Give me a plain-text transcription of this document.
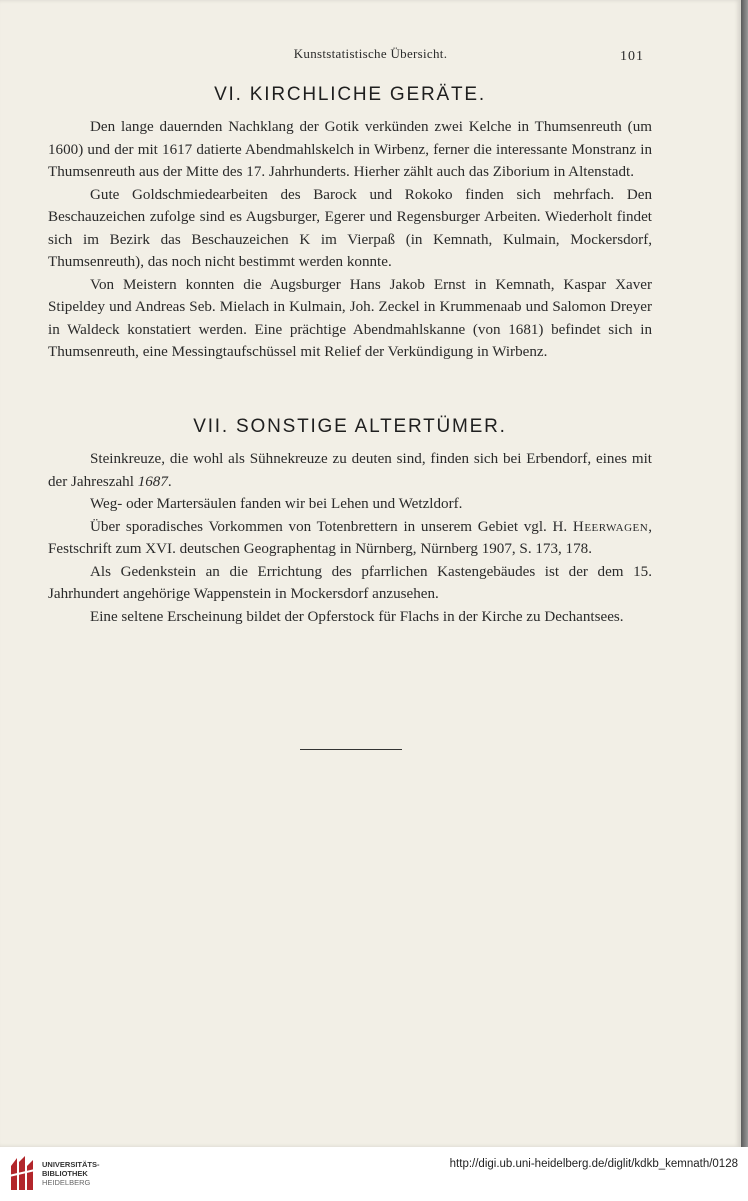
Kunststatistische Übersicht.	101
VI. KIRCHLICHE GERÄTE.

Den lange dauernden Nachklang der Gotik verkünden zwei Kelche in Thumsenreuth (um 1600) und der mit 1617 datierte Abendmahlskelch in Wirbenz, ferner die interessante Monstranz in Thumsenreuth aus der Mitte des 17. Jahrhunderts. Hierher zählt auch das Ziborium in Altenstadt.

Gute Goldschmiedearbeiten des Barock und Rokoko finden sich mehrfach. Den Beschauzeichen zufolge sind es Augsburger, Egerer und Regensburger Arbeiten. Wiederholt findet sich im Bezirk das Beschauzeichen K im Vierpaß (in Kemnath, Kulmain, Mockersdorf, Thumsenreuth), das noch nicht bestimmt werden konnte.

Von Meistern konnten die Augsburger Hans Jakob Ernst in Kemnath, Kaspar Xaver Stipeldey und Andreas Seb. Mielach in Kulmain, Joh. Zeckel in Krummenaab und Salomon Dreyer in Waldeck konstatiert werden. Eine prächtige Abendmahlskanne (von 1681) befindet sich in Thumsenreuth, eine Messingtaufschüssel mit Relief der Verkündigung in Wirbenz.

VII. SONSTIGE ALTERTÜMER.

Steinkreuze, die wohl als Sühnekreuze zu deuten sind, finden sich bei Erbendorf, eines mit der Jahreszahl 1687.

Weg- oder Martersäulen fanden wir bei Lehen und Wetzldorf.

Über sporadisches Vorkommen von Totenbrettern in unserem Gebiet vgl. H. Heerwagen, Festschrift zum XVI. deutschen Geographentag in Nürnberg, Nürnberg 1907, S. 173, 178.

Als Gedenkstein an die Errichtung des pfarrlichen Kastengebäudes ist der dem 15. Jahrhundert angehörige Wappenstein in Mockersdorf anzusehen.

Eine seltene Erscheinung bildet der Opferstock für Flachs in der Kirche zu Dechantsees.

UNIVERSITÄTS-
BIBLIOTHEK
HEIDELBERG
http://digi.ub.uni-heidelberg.de/diglit/kdkb_kemnath/0128
